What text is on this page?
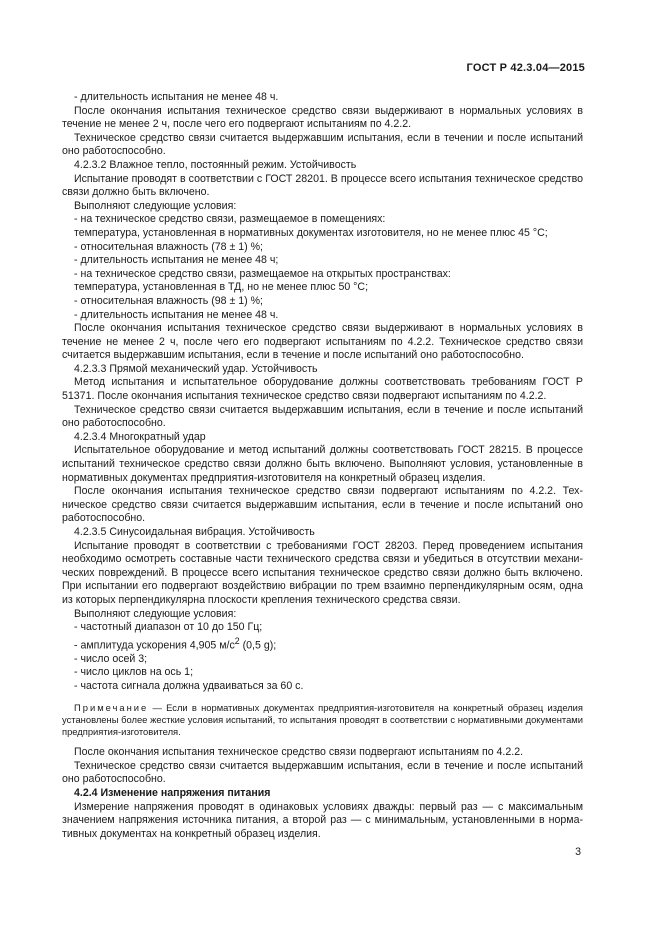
ГОСТ Р 42.3.04—2015

- длительность испытания не менее 48 ч.

После окончания испытания техническое средство связи выдерживают в нормальных условиях в течение не менее 2 ч, после чего его подвергают испытаниям по 4.2.2.

Техническое средство связи считается выдержавшим испытания, если в течении и после испытаний оно работоспособно.

4.2.3.2 Влажное тепло, постоянный режим. Устойчивость

Испытание проводят в соответствии с ГОСТ 28201. В процессе всего испытания техническое средство связи должно быть включено.

Выполняют следующие условия:

- на техническое средство связи, размещаемое в помещениях:

температура, установленная в нормативных документах изготовителя, но не менее плюс 45 °С;

- относительная влажность (78 ± 1) %;

- длительность испытания не менее 48 ч;

- на техническое средство связи, размещаемое на открытых пространствах:

температура, установленная в ТД, но не менее плюс 50 °С;

- относительная влажность (98 ± 1) %;

- длительность испытания не менее 48 ч.

После окончания испытания техническое средство связи выдерживают в нормальных условиях в течение не менее 2 ч, после чего его подвергают испытаниям по 4.2.2. Техническое средство связи считается выдержавшим испытания, если в течение и после испытаний оно работоспособно.

4.2.3.3 Прямой механический удар. Устойчивость

Метод испытания и испытательное оборудование должны соответствовать требованиям ГОСТ Р 51371. После окончания испытания техническое средство связи подвергают испытаниям по 4.2.2.

Техническое средство связи считается выдержавшим испытания, если в течение и после испытаний оно работоспособно.

4.2.3.4 Многократный удар

Испытательное оборудование и метод испытаний должны соответствовать ГОСТ 28215. В процессе испытаний техническое средство связи должно быть включено. Выполняют условия, установленные в нормативных документах предприятия-изготовителя на конкретный образец изделия.

После окончания испытания техническое средство связи подвергают испытаниям по 4.2.2. Техническое средство связи считается выдержавшим испытания, если в течение и после испытаний оно работоспособно.

4.2.3.5 Синусоидальная вибрация. Устойчивость

Испытание проводят в соответствии с требованиями ГОСТ 28203. Перед проведением испытания необходимо осмотреть составные части технического средства связи и убедиться в отсутствии механических повреждений. В процессе всего испытания техническое средство связи должно быть включено. При испытании его подвергают воздействию вибрации по трем взаимно перпендикулярным осям, одна из которых перпендикулярна плоскости крепления технического средства связи.

Выполняют следующие условия:

- частотный диапазон от 10 до 150 Гц;

- амплитуда ускорения 4,905 $м/с^2$ (0,5 g);

- число осей 3;

- число циклов на ось 1;

- частота сигнала должна удваиваться за 60 с.

Примечание — Если в нормативных документах предприятия-изготовителя на конкретный образец изделия установлены более жесткие условия испытаний, то испытания проводят в соответствии с нормативными документами предприятия-изготовителя.

После окончания испытания техническое средство связи подвергают испытаниям по 4.2.2.

Техническое средство связи считается выдержавшим испытания, если в течение и после испытаний оно работоспособно.

4.2.4 Изменение напряжения питания

Измерение напряжения проводят в одинаковых условиях дважды: первый раз — с максимальным значением напряжения источника питания, а второй раз — с минимальным, установленными в нормативных документах на конкретный образец изделия.

3
